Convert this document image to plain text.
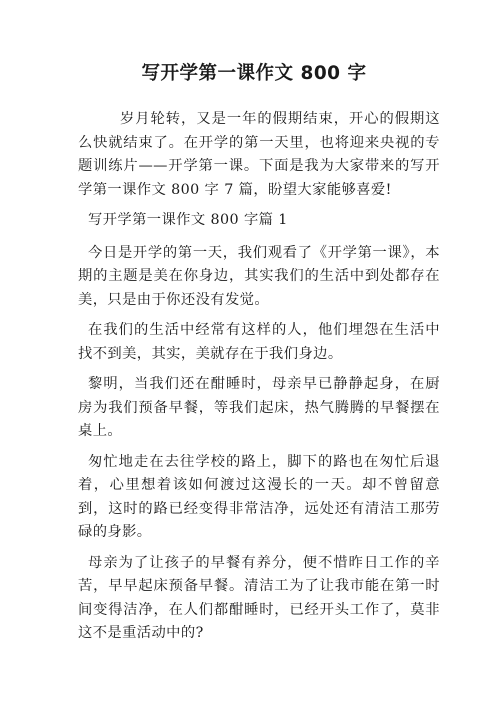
写开学第一课作文 800 字

岁月轮转，又是一年的假期结束，开心的假期这么快就结束了。在开学的第一天里，也将迎来央视的专题训练片——开学第一课。下面是我为大家带来的写开学第一课作文 800 字 7 篇，盼望大家能够喜爱!

写开学第一课作文 800 字篇 1

今日是开学的第一天，我们观看了《开学第一课》，本期的主题是美在你身边，其实我们的生活中到处都存在美，只是由于你还没有发觉。

在我们的生活中经常有这样的人，他们埋怨在生活中找不到美，其实，美就存在于我们身边。

黎明，当我们还在酣睡时，母亲早已静静起身，在厨房为我们预备早餐，等我们起床，热气腾腾的早餐摆在桌上。

匆忙地走在去往学校的路上，脚下的路也在匆忙后退着，心里想着该如何渡过这漫长的一天。却不曾留意到，这时的路已经变得非常洁净，远处还有清洁工那劳碌的身影。

母亲为了让孩子的早餐有养分，便不惜昨日工作的辛苦，早早起床预备早餐。清洁工为了让我市能在第一时间变得洁净，在人们都酣睡时，已经开头工作了，莫非这不是重活动中的?
